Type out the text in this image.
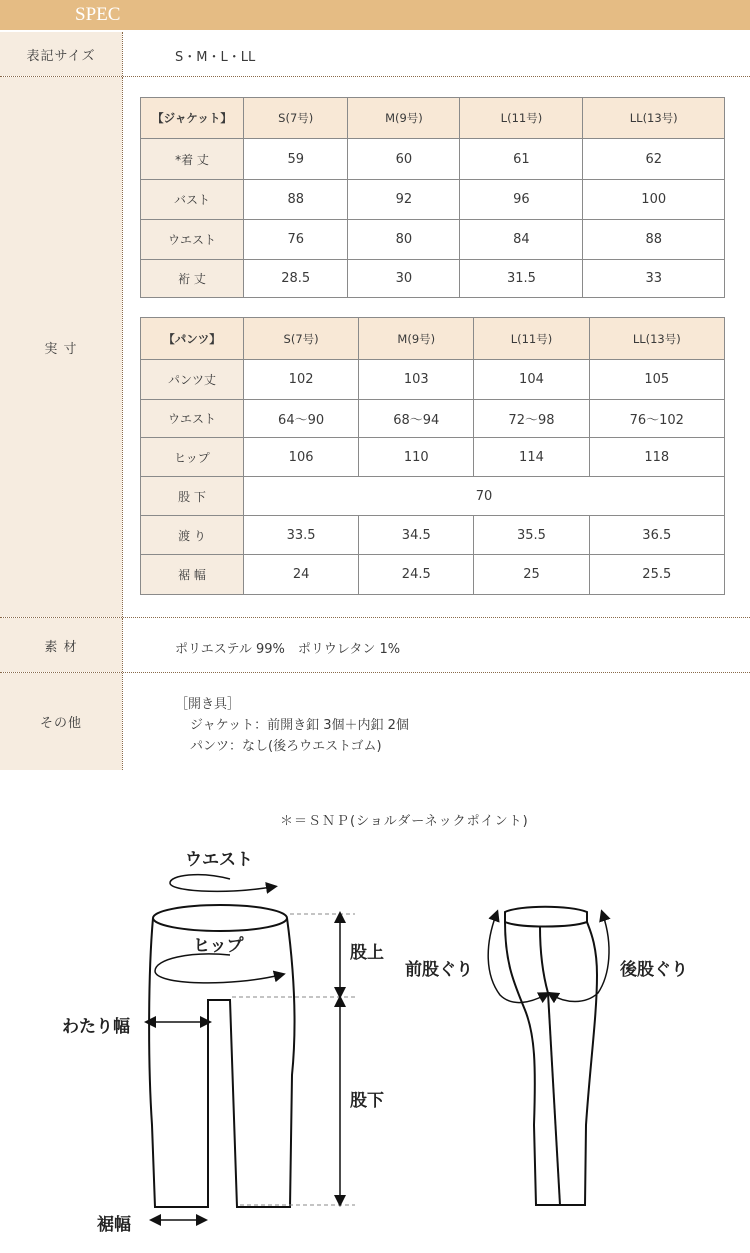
SPEC
表記サイズ	S・M・L・LL
実 寸
【ジャケット】	S(7号)	M(9号)	L(11号)	LL(13号)
*着 丈	59	60	61	62
バスト	88	92	96	100
ウエスト	76	80	84	88
裄 丈	28.5	30	31.5	33
【パンツ】	S(7号)	M(9号)	L(11号)	LL(13号)
パンツ丈	102	103	104	105
ウエスト	64〜90	68〜94	72〜98	76〜102
ヒップ	106	110	114	118
股 下	70			
渡 り	33.5	34.5	35.5	36.5
裾 幅	24	24.5	25	25.5
素 材	ポリエステル 99%　ポリウレタン 1%
その他
［開き具］
ジャケット：前開き釦 3個＋内釦 2個
パンツ：なし(後ろウエストゴム)
＊＝ＳＮＰ(ショルダーネックポイント)
ウエスト
ヒップ
わたり幅
裾幅
股上
股下
前股ぐり	後股ぐり
